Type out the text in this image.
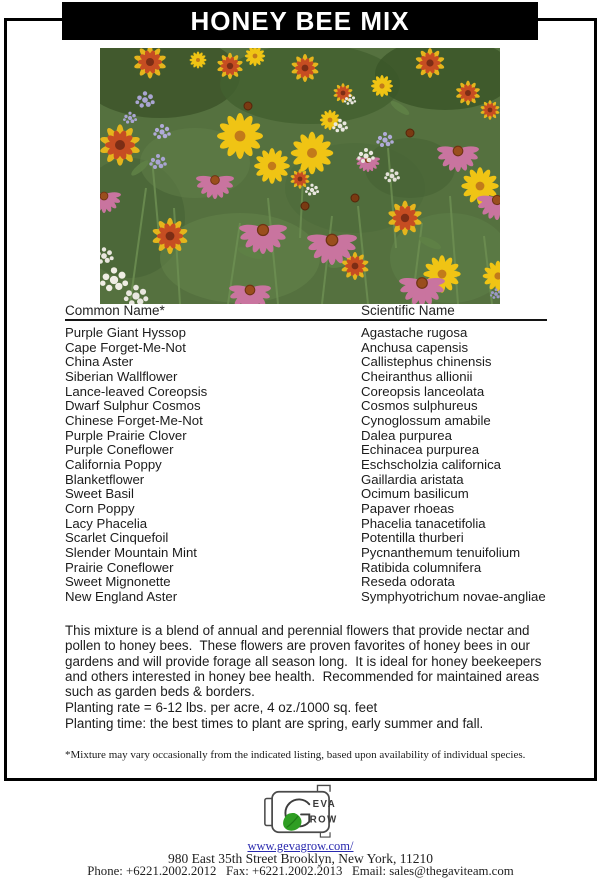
HONEY BEE MIX
Common Name*	Scientific Name
Purple Giant Hyssop	Agastache rugosa
Cape Forget-Me-Not	Anchusa capensis
China Aster	Callistephus chinensis
Siberian Wallflower	Cheiranthus allionii
Lance-leaved Coreopsis	Coreopsis lanceolata
Dwarf Sulphur Cosmos	Cosmos sulphureus
Chinese Forget-Me-Not	Cynoglossum amabile
Purple Prairie Clover	Dalea purpurea
Purple Coneflower	Echinacea purpurea
California Poppy	Eschscholzia californica
Blanketflower	Gaillardia aristata
Sweet Basil	Ocimum basilicum
Corn Poppy	Papaver rhoeas
Lacy Phacelia	Phacelia tanacetifolia
Scarlet Cinquefoil	Potentilla thurberi
Slender Mountain Mint	Pycnanthemum tenuifolium
Prairie Coneflower	Ratibida columnifera
Sweet Mignonette	Reseda odorata
New England Aster	Symphyotrichum novae-angliae

This mixture is a blend of annual and perennial flowers that provide nectar and pollen to honey bees.  These flowers are proven favorites of honey bees in our gardens and will provide forage all season long.  It is ideal for honey beekeepers and others interested in honey bee health.  Recommended for maintained areas such as garden beds & borders.

Planting rate = 6-12 lbs. per acre, 4 oz./1000 sq. feet
Planting time: the best times to plant are spring, early summer and fall.

*Mixture may vary occasionally from the indicated listing, based upon availability of individual species.

EVA
ROW
www.gevagrow.com/
980 East 35th Street Brooklyn, New York, 11210
Phone: +6221.2002.2012   Fax: +6221.2002.2013   Email: sales@thegaviteam.com
